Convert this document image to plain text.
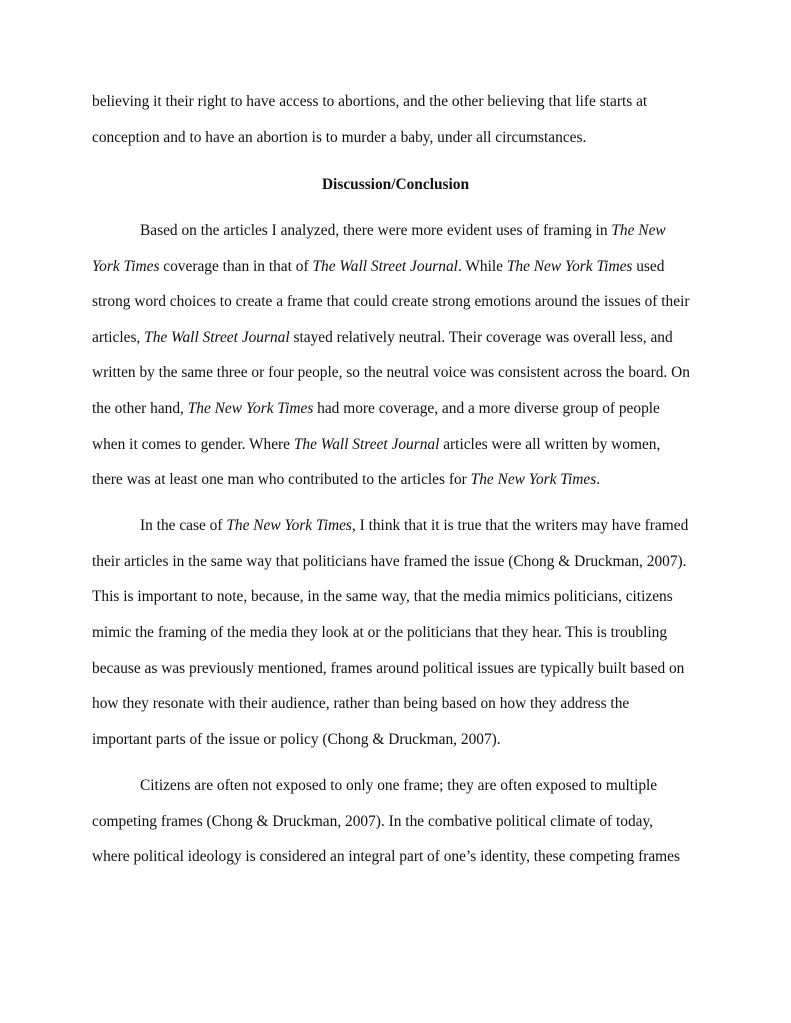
believing it their right to have access to abortions, and the other believing that life starts at
conception and to have an abortion is to murder a baby, under all circumstances.
Discussion/Conclusion
Based on the articles I analyzed, there were more evident uses of framing in The New
York Times coverage than in that of The Wall Street Journal. While The New York Times used
strong word choices to create a frame that could create strong emotions around the issues of their
articles, The Wall Street Journal stayed relatively neutral. Their coverage was overall less, and
written by the same three or four people, so the neutral voice was consistent across the board. On
the other hand, The New York Times had more coverage, and a more diverse group of people
when it comes to gender. Where The Wall Street Journal articles were all written by women,
there was at least one man who contributed to the articles for The New York Times.
In the case of The New York Times, I think that it is true that the writers may have framed
their articles in the same way that politicians have framed the issue (Chong & Druckman, 2007).
This is important to note, because, in the same way, that the media mimics politicians, citizens
mimic the framing of the media they look at or the politicians that they hear. This is troubling
because as was previously mentioned, frames around political issues are typically built based on
how they resonate with their audience, rather than being based on how they address the
important parts of the issue or policy (Chong & Druckman, 2007).
Citizens are often not exposed to only one frame; they are often exposed to multiple
competing frames (Chong & Druckman, 2007). In the combative political climate of today,
where political ideology is considered an integral part of one’s identity, these competing frames
